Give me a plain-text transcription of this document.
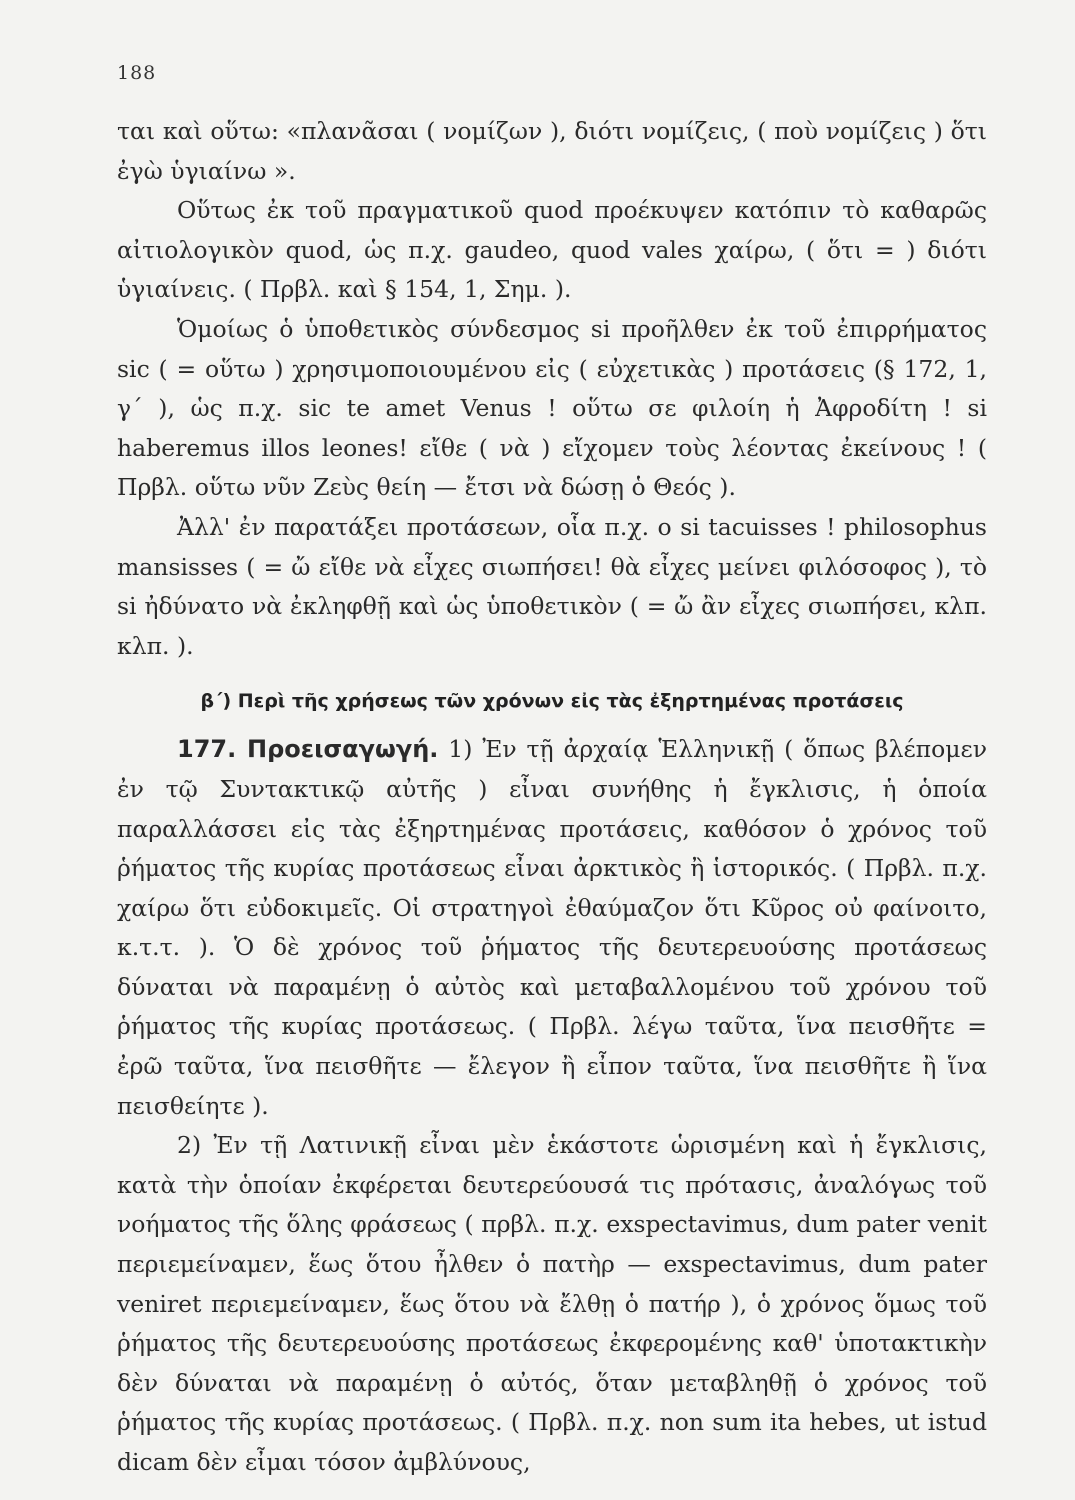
188

ται καὶ οὕτω: «πλανᾶσαι ( νομίζων ), διότι νομίζεις, ( ποὺ νομίζεις ) ὅτι ἐγὼ ὑγιαίνω ».

Οὕτως ἐκ τοῦ πραγματικοῦ quod προέκυψεν κατόπιν τὸ καθαρῶς αἰτιολογικὸν quod, ὡς π.χ. gaudeo, quod vales χαίρω, ( ὅτι = ) διότι ὑγιαίνεις. ( Πρβλ. καὶ § 154, 1, Σημ. ).

Ὁμοίως ὁ ὑποθετικὸς σύνδεσμος si προῆλθεν ἐκ τοῦ ἐπιρρήματος sic ( = οὕτω ) χρησιμοποιουμένου εἰς ( εὐχετικὰς ) προτάσεις (§ 172, 1, γ΄ ), ὡς π.χ. sic te amet Venus ! οὕτω σε φιλοίη ἡ Ἀφροδίτη ! si haberemus illos leones! εἴθε ( νὰ ) εἴχομεν τοὺς λέοντας ἐκείνους ! ( Πρβλ. οὕτω νῦν Ζεὺς θείη — ἔτσι νὰ δώσῃ ὁ Θεός ).

Ἀλλ' ἐν παρατάξει προτάσεων, οἷα π.χ. o si tacuisses ! philosophus mansisses ( = ὤ εἴθε νὰ εἶχες σιωπήσει! θὰ εἶχες μείνει φιλόσοφος ), τὸ si ἠδύνατο νὰ ἐκληφθῇ καὶ ὡς ὑποθετικὸν ( = ὤ ἂν εἶχες σιωπήσει, κλπ. κλπ. ).

β΄) Περὶ τῆς χρήσεως τῶν χρόνων εἰς τὰς ἐξηρτημένας προτάσεις

177. Προεισαγωγή. 1) Ἐν τῇ ἀρχαίᾳ Ἑλληνικῇ ( ὅπως βλέπομεν ἐν τῷ Συντακτικῷ αὐτῆς ) εἶναι συνήθης ἡ ἔγκλισις, ἡ ὁποία παραλλάσσει εἰς τὰς ἐξηρτημένας προτάσεις, καθόσον ὁ χρόνος τοῦ ῥήματος τῆς κυρίας προτάσεως εἶναι ἀρκτικὸς ἢ ἱστορικός. ( Πρβλ. π.χ. χαίρω ὅτι εὐδοκιμεῖς. Οἱ στρατηγοὶ ἐθαύμαζον ὅτι Κῦρος οὐ φαίνοιτο, κ.τ.τ. ). Ὁ δὲ χρόνος τοῦ ῥήματος τῆς δευτερευούσης προτάσεως δύναται νὰ παραμένῃ ὁ αὐτὸς καὶ μεταβαλλομένου τοῦ χρόνου τοῦ ῥήματος τῆς κυρίας προτάσεως. ( Πρβλ. λέγω ταῦτα, ἵνα πεισθῆτε = ἐρῶ ταῦτα, ἵνα πεισθῆτε — ἔλεγον ἢ εἶπον ταῦτα, ἵνα πεισθῆτε ἢ ἵνα πεισθείητε ).

2) Ἐν τῇ Λατινικῇ εἶναι μὲν ἑκάστοτε ὡρισμένη καὶ ἡ ἔγκλισις, κατὰ τὴν ὁποίαν ἐκφέρεται δευτερεύουσά τις πρότασις, ἀναλόγως τοῦ νοήματος τῆς ὅλης φράσεως ( πρβλ. π.χ. exspectavimus, dum pater venit περιεμείναμεν, ἕως ὅτου ἦλθεν ὁ πατὴρ — exspectavimus, dum pater veniret περιεμείναμεν, ἕως ὅτου νὰ ἔλθῃ ὁ πατήρ ), ὁ χρόνος ὅμως τοῦ ῥήματος τῆς δευτερευούσης προτάσεως ἐκφερομένης καθ' ὑποτακτικὴν δὲν δύναται νὰ παραμένῃ ὁ αὐτός, ὅταν μεταβληθῇ ὁ χρόνος τοῦ ῥήματος τῆς κυρίας προτάσεως. ( Πρβλ. π.χ. non sum ita hebes, ut istud dicam δὲν εἶμαι τόσον ἀμβλύνους,
